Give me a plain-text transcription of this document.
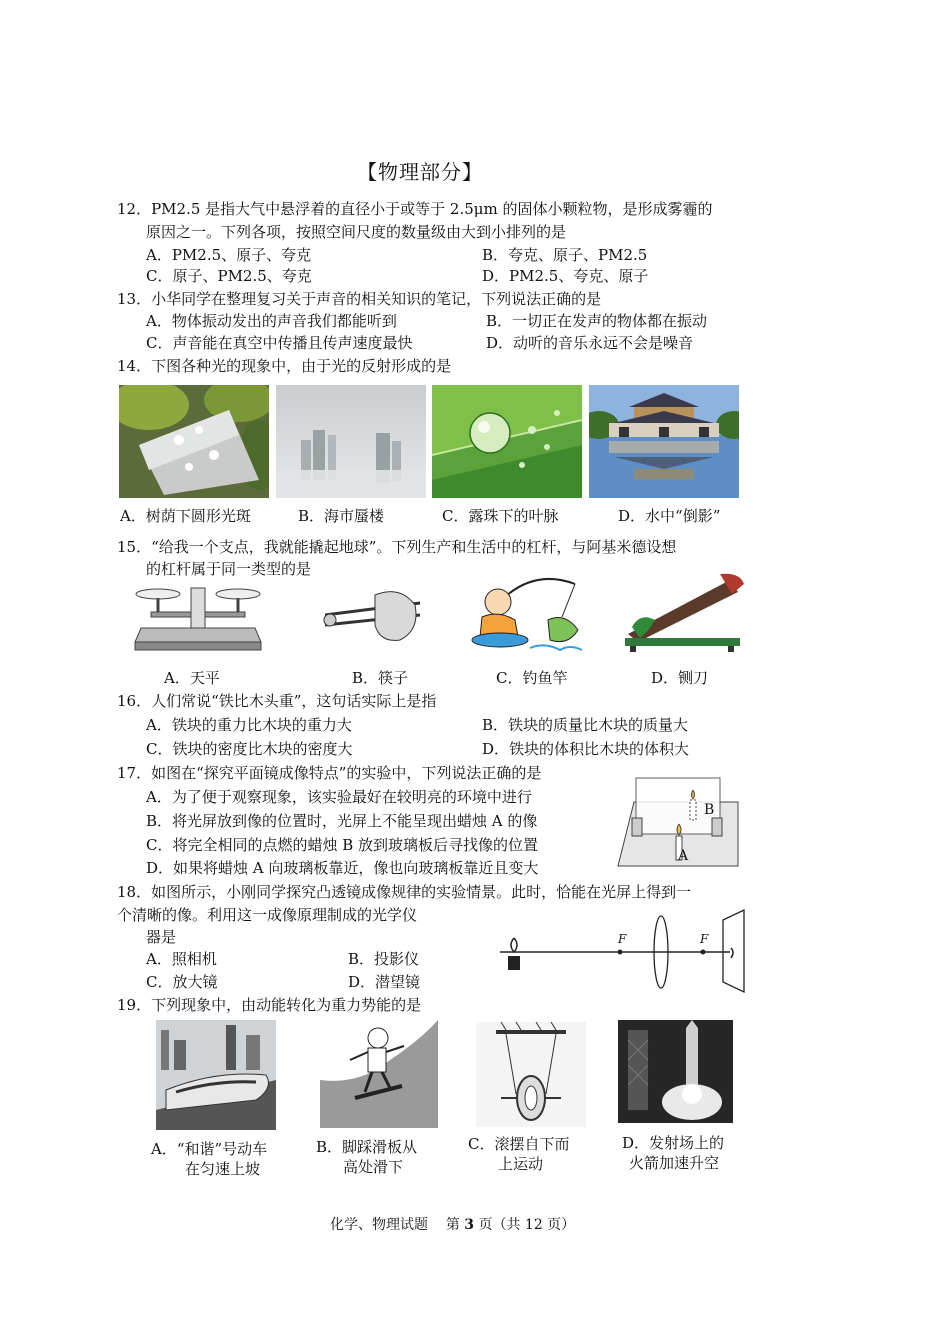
【物理部分】
12．PM2.5 是指大气中悬浮着的直径小于或等于 2.5μm 的固体小颗粒物，是形成雾霾的
原因之一。下列各项，按照空间尺度的数量级由大到小排列的是
A．PM2.5、原子、夸克	B．夸克、原子、PM2.5
C．原子、PM2.5、夸克	D．PM2.5、夸克、原子
13．小华同学在整理复习关于声音的相关知识的笔记，下列说法正确的是
A．物体振动发出的声音我们都能听到	B．一切正在发声的物体都在振动
C．声音能在真空中传播且传声速度最快	D．动听的音乐永远不会是噪音
14．下图各种光的现象中，由于光的反射形成的是
A．树荫下圆形光斑	B．海市蜃楼	C．露珠下的叶脉	D．水中“倒影”
15．“给我一个支点，我就能撬起地球”。下列生产和生活中的杠杆，与阿基米德设想
的杠杆属于同一类型的是
A．天平	B．筷子	C．钓鱼竿	D．铡刀
16．人们常说“铁比木头重”，这句话实际上是指
A．铁块的重力比木块的重力大	B．铁块的质量比木块的质量大
C．铁块的密度比木块的密度大	D．铁块的体积比木块的体积大
17．如图在“探究平面镜成像特点”的实验中，下列说法正确的是
A．为了便于观察现象，该实验最好在较明亮的环境中进行
B．将光屏放到像的位置时，光屏上不能呈现出蜡烛 A 的像
C．将完全相同的点燃的蜡烛 B 放到玻璃板后寻找像的位置
D．如果将蜡烛 A 向玻璃板靠近，像也向玻璃板靠近且变大
B
A
18．如图所示，小刚同学探究凸透镜成像规律的实验情景。此时，恰能在光屏上得到一
个清晰的像。利用这一成像原理制成的光学仪
器是
A．照相机	B．投影仪
C．放大镜	D．潜望镜
F	F
19．下列现象中，由动能转化为重力势能的是
A．“和谐”号动车
在匀速上坡
B．脚踩滑板从
高处滑下
C．滚摆自下而
上运动
D．发射场上的
火箭加速升空
化学、物理试题 第 3 页（共 12 页）
